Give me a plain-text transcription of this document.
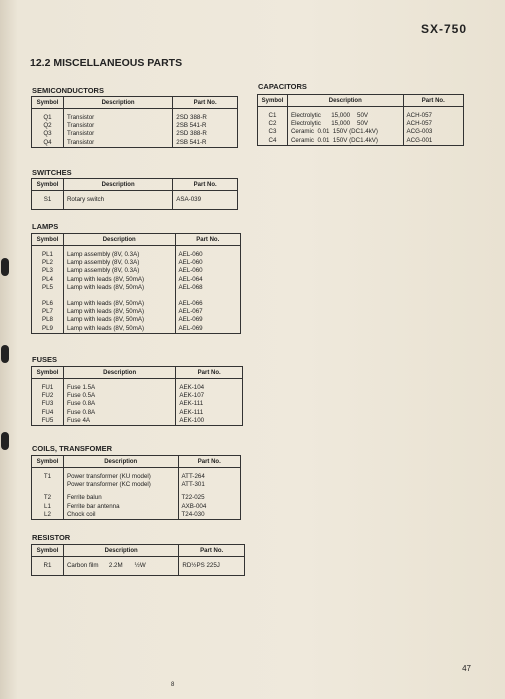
SX-750
12.2 MISCELLANEOUS PARTS
SEMICONDUCTORS
Symbol	Description	Part No.

Q1	Transistor	2SD 388-R
Q2	Transistor	2SB 541-R
Q3	Transistor	2SD 388-R
Q4	Transistor	2SB 541-R
CAPACITORS
Symbol	Description	Part No.

C1	Electrolytic      15,000    50V	ACH-057
C2	Electrolytic      15,000    50V	ACH-057
C3	Ceramic  0.01  150V (DC1.4kV)	ACG-003
C4	Ceramic  0.01  150V (DC1.4kV)	ACG-001
SWITCHES
Symbol	Description	Part No.

S1	Rotary switch	ASA-039

LAMPS
Symbol	Description	Part No.

PL1	Lamp assembly (8V, 0.3A)	AEL-060
PL2	Lamp assembly (8V, 0.3A)	AEL-060
PL3	Lamp assembly (8V, 0.3A)	AEL-060
PL4	Lamp with leads (8V, 50mA)	AEL-064
PL5	Lamp with leads (8V, 50mA)	AEL-068

PL6	Lamp with leads (8V, 50mA)	AEL-066
PL7	Lamp with leads (8V, 50mA)	AEL-067
PL8	Lamp with leads (8V, 50mA)	AEL-069
PL9	Lamp with leads (8V, 50mA)	AEL-069
FUSES
Symbol	Description	Part No.

FU1	Fuse 1.5A	AEK-104
FU2	Fuse 0.5A	AEK-107
FU3	Fuse 0.8A	AEK-111
FU4	Fuse 0.8A	AEK-111
FU5	Fuse 4A	AEK-100
COILS, TRANSFOMER
Symbol	Description	Part No.

T1	Power transformer (KU model)	ATT-264
	Power transformer (KC model)	ATT-301

T2	Ferrite balun	T22-025
L1	Ferrite bar antenna	AXB-004
L2	Chock coil	T24-030
RESISTOR
Symbol	Description	Part No.

R1	Carbon film      2.2M       ½W	RD½PS 225J

47
8
